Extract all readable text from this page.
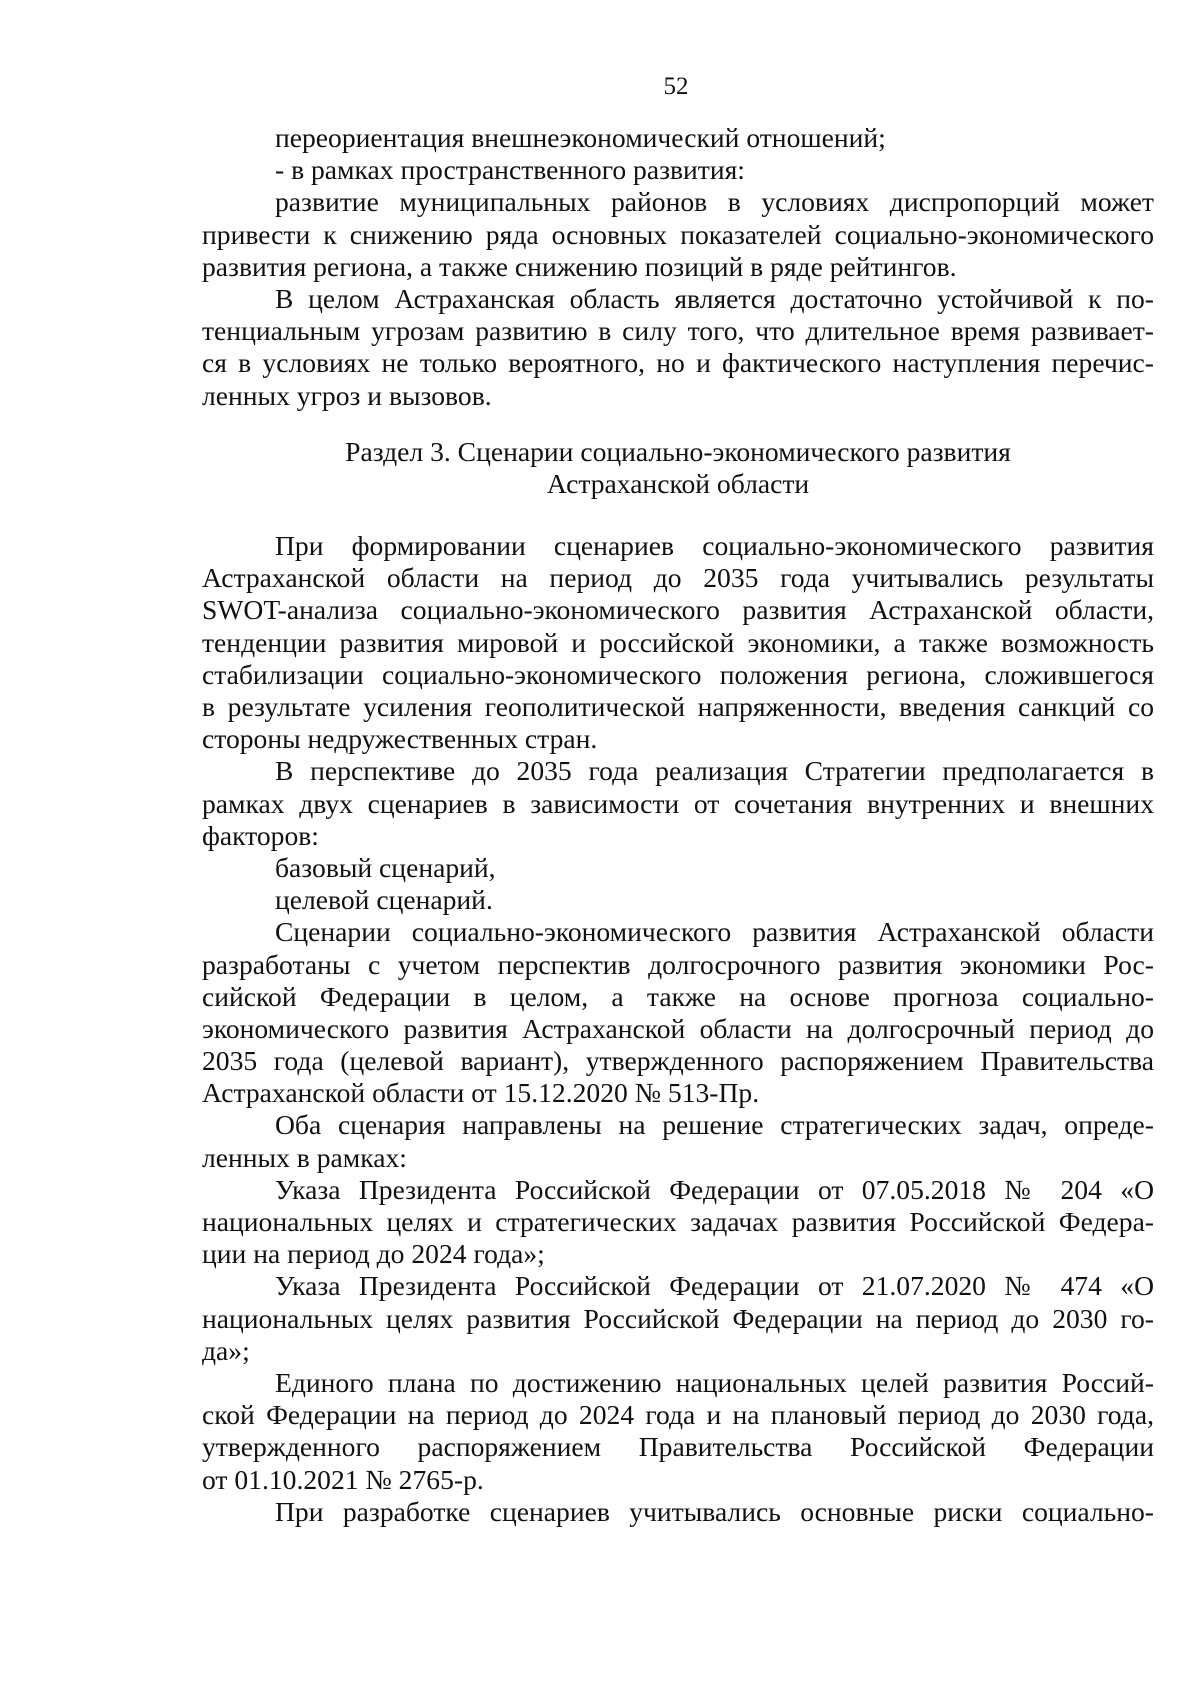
52
переориентация внешнеэкономический отношений;
- в рамках пространственного развития:
развитие муниципальных районов в условиях диспропорций может
привести к снижению ряда основных показателей социально-экономического
развития региона, а также снижению позиций в ряде рейтингов.
В целом Астраханская область является достаточно устойчивой к по-
тенциальным угрозам развитию в силу того, что длительное время развивает-
ся в условиях не только вероятного, но и фактического наступления перечис-
ленных угроз и вызовов.
Раздел 3. Сценарии социально-экономического развития
Астраханской области
При формировании сценариев социально-экономического развития
Астраханской области на период до 2035 года учитывались результаты
SWOT-анализа социально-экономического развития Астраханской области,
тенденции развития мировой и российской экономики, а также возможность
стабилизации социально-экономического положения региона, сложившегося
в результате усиления геополитической напряженности, введения санкций со
стороны недружественных стран.
В перспективе до 2035 года реализация Стратегии предполагается в
рамках двух сценариев в зависимости от сочетания внутренних и внешних
факторов:
базовый сценарий,
целевой сценарий.
Сценарии социально-экономического развития Астраханской области
разработаны с учетом перспектив долгосрочного развития экономики Рос-
сийской Федерации в целом, а также на основе прогноза социально-
экономического развития Астраханской области на долгосрочный период до
2035 года (целевой вариант), утвержденного распоряжением Правительства
Астраханской области от 15.12.2020 № 513-Пр.
Оба сценария направлены на решение стратегических задач, опреде-
ленных в рамках:
Указа Президента Российской Федерации от 07.05.2018 № 204 «О
национальных целях и стратегических задачах развития Российской Федера-
ции на период до 2024 года»;
Указа Президента Российской Федерации от 21.07.2020 № 474 «О
национальных целях развития Российской Федерации на период до 2030 го-
да»;
Единого плана по достижению национальных целей развития Россий-
ской Федерации на период до 2024 года и на плановый период до 2030 года,
утвержденного распоряжением Правительства Российской Федерации
от 01.10.2021 № 2765-р.
При разработке сценариев учитывались основные риски социально-
